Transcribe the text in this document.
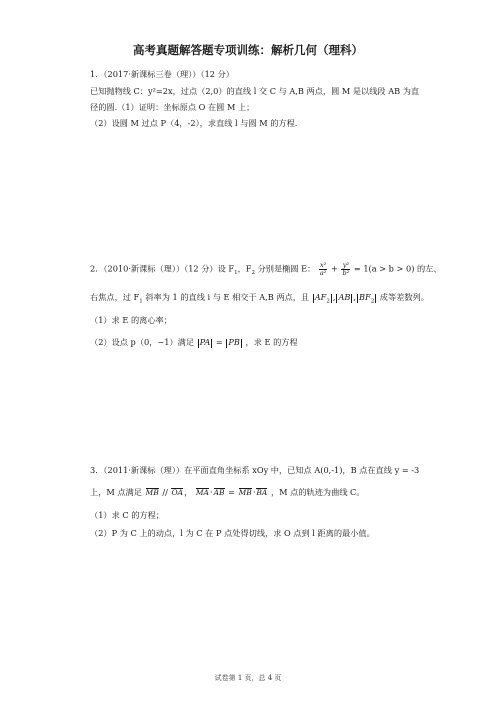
高考真题解答题专项训练：解析几何（理科）
1．（2017·新课标三卷（理））（12 分）
已知抛物线 C：y²=2x，过点（2,0）的直线 l 交 C 与 A,B 两点，圆 M 是以线段 AB 为直
径的圆.（1）证明：坐标原点 O 在圆 M 上；
（2）设圆 M 过点 P（4，-2），求直线 l 与圆 M 的方程.
2．（2010·新课标（理））（12 分）设 $F_1$，$F_2$ 分别是椭圆 E： $\frac{\text{x²}}{\text{a²}} + \frac{\text{y²}}{\text{b²}} = 1(a > b > 0)$ 的左、
右焦点，过 $F_1$ 斜率为 1 的直线 i 与 E 相交于 A,B 两点，且 $AF_2$ , AB , $BF_2$ 成等差数列。
（1）求 E 的离心率；
（2）设点 p（0，−1）满足 PA = PB ，求 E 的方程
3．（2011·新课标（理））在平面直角坐标系 xOy 中，已知点 A(0,-1)，B 点在直线 y = -3
上，M 点满足 MB // OA， MA·AB = MB·BA ，M 点的轨迹为曲线 C。
（1）求 C 的方程；
（2）P 为 C 上的动点，l 为 C 在 P 点处得切线，求 O 点到 l 距离的最小值。
试卷第 1 页，总 4 页
